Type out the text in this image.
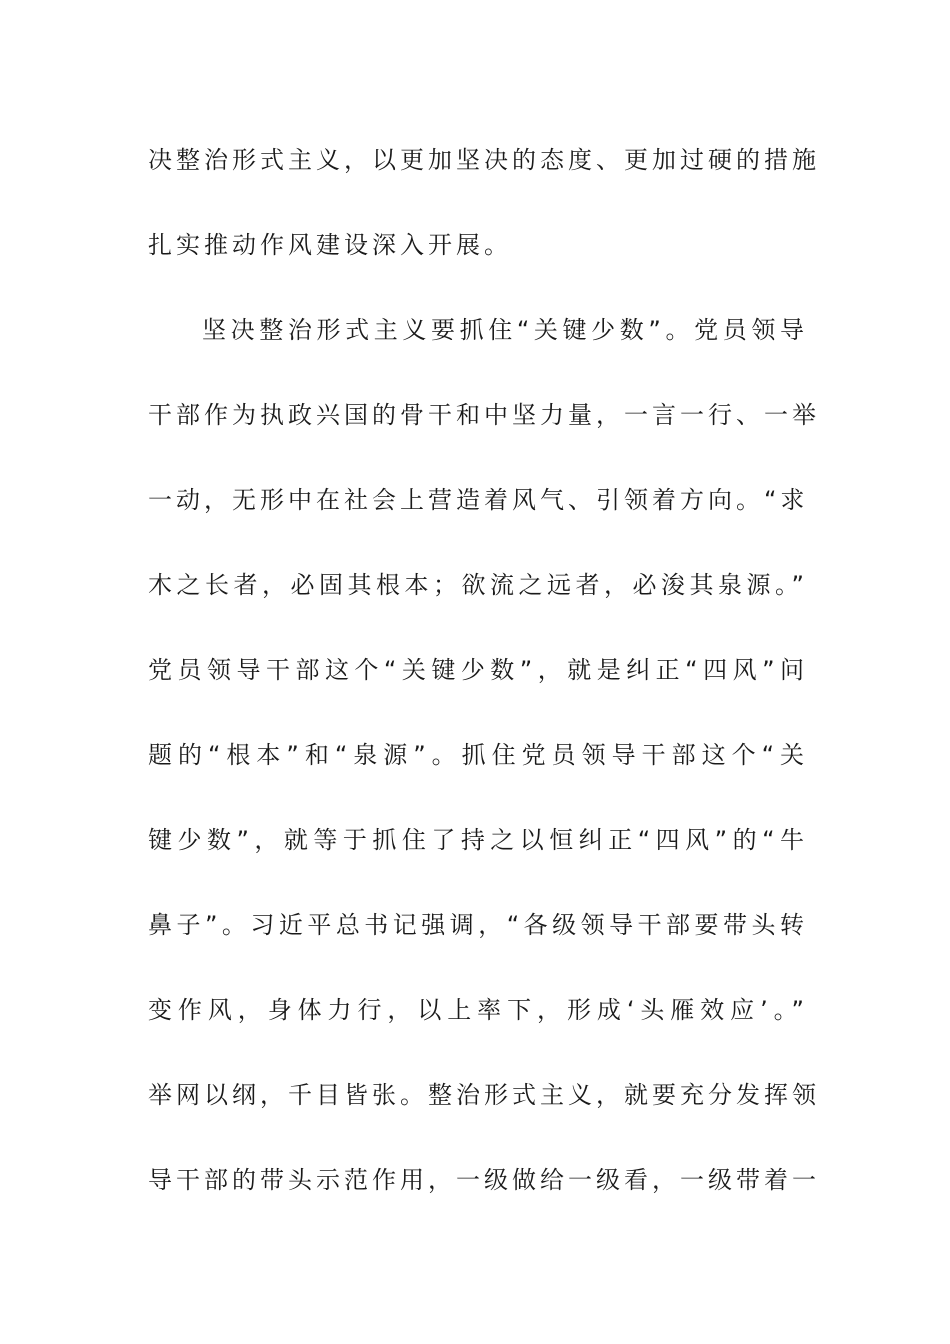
决整治形式主义，以更加坚决的态度、更加过硬的措施
扎实推动作风建设深入开展。
坚决整治形式主义要抓住“关键少数”。党员领导
干部作为执政兴国的骨干和中坚力量，一言一行、一举
一动，无形中在社会上营造着风气、引领着方向。“求
木之长者，必固其根本；欲流之远者，必浚其泉源。”
党员领导干部这个“关键少数”，就是纠正“四风”问
题的“根本”和“泉源”。抓住党员领导干部这个“关
键少数”，就等于抓住了持之以恒纠正“四风”的“牛
鼻子”。习近平总书记强调，“各级领导干部要带头转
变作风，身体力行，以上率下，形成‘头雁效应’。”
举网以纲，千目皆张。整治形式主义，就要充分发挥领
导干部的带头示范作用，一级做给一级看，一级带着一
